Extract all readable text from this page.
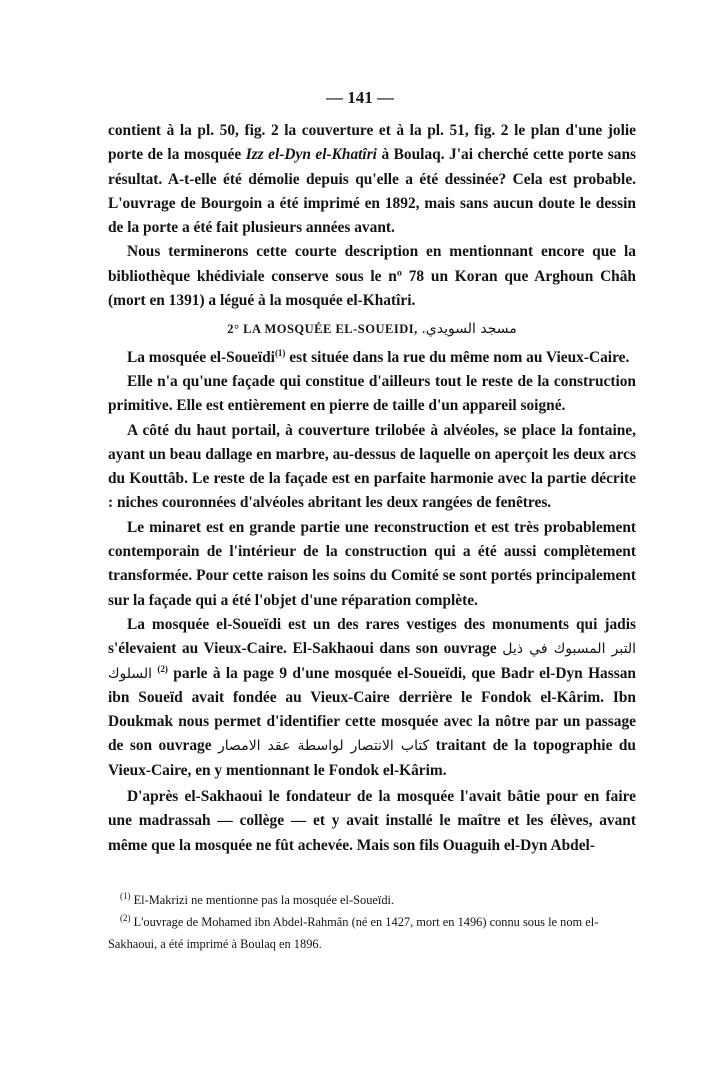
— 141 —

contient à la pl. 50, fig. 2 la couverture et à la pl. 51, fig. 2 le plan d'une jolie porte de la mosquée Izz el-Dyn el-Khatîri à Boulaq. J'ai cherché cette porte sans résultat. A-t-elle été démolie depuis qu'elle a été dessinée? Cela est probable. L'ouvrage de Bourgoin a été imprimé en 1892, mais sans aucun doute le dessin de la porte a été fait plusieurs années avant.

Nous terminerons cette courte description en mentionnant encore que la bibliothèque khédiviale conserve sous le nº 78 un Koran que Arghoun Châh (mort en 1391) a légué à la mosquée el-Khatîri.

2° LA MOSQUÉE EL-SOUEIDI, مسجد السويدي.

La mosquée el-Soueïdi$^{(1)}$ est située dans la rue du même nom au Vieux-Caire.

Elle n'a qu'une façade qui constitue d'ailleurs tout le reste de la construction primitive. Elle est entièrement en pierre de taille d'un appareil soigné.

A côté du haut portail, à couverture trilobée à alvéoles, se place la fontaine, ayant un beau dallage en marbre, au-dessus de laquelle on aperçoit les deux arcs du Kouttâb. Le reste de la façade est en parfaite harmonie avec la partie décrite : niches couronnées d'alvéoles abritant les deux rangées de fenêtres.

Le minaret est en grande partie une reconstruction et est très probablement contemporain de l'intérieur de la construction qui a été aussi complètement transformée. Pour cette raison les soins du Comité se sont portés principalement sur la façade qui a été l'objet d'une réparation complète.

La mosquée el-Soueïdi est un des rares vestiges des monuments qui jadis s'élevaient au Vieux-Caire. El-Sakhaoui dans son ouvrage التبر المسبوك في ذيل السلوك $^{(2)}$ parle à la page 9 d'une mosquée el-Soueïdi, que Badr el-Dyn Hassan ibn Soueïd avait fondée au Vieux-Caire derrière le Fondok el-Kârim. Ibn Doukmak nous permet d'identifier cette mosquée avec la nôtre par un passage de son ouvrage كتاب الانتصار لواسطة عقد الامصار traitant de la topographie du Vieux-Caire, en y mentionnant le Fondok el-Kârim.

D'après el-Sakhaoui le fondateur de la mosquée l'avait bâtie pour en faire une madrassah — collège — et y avait installé le maître et les élèves, avant même que la mosquée ne fût achevée. Mais son fils Ouaguih el-Dyn Abdel-

$^{(1)}$ El-Makrizi ne mentionne pas la mosquée el-Soueïdi.

$^{(2)}$ L'ouvrage de Mohamed ibn Abdel-Rahmân (né en 1427, mort en 1496) connu sous le nom el-Sakhaoui, a été imprimé à Boulaq en 1896.
